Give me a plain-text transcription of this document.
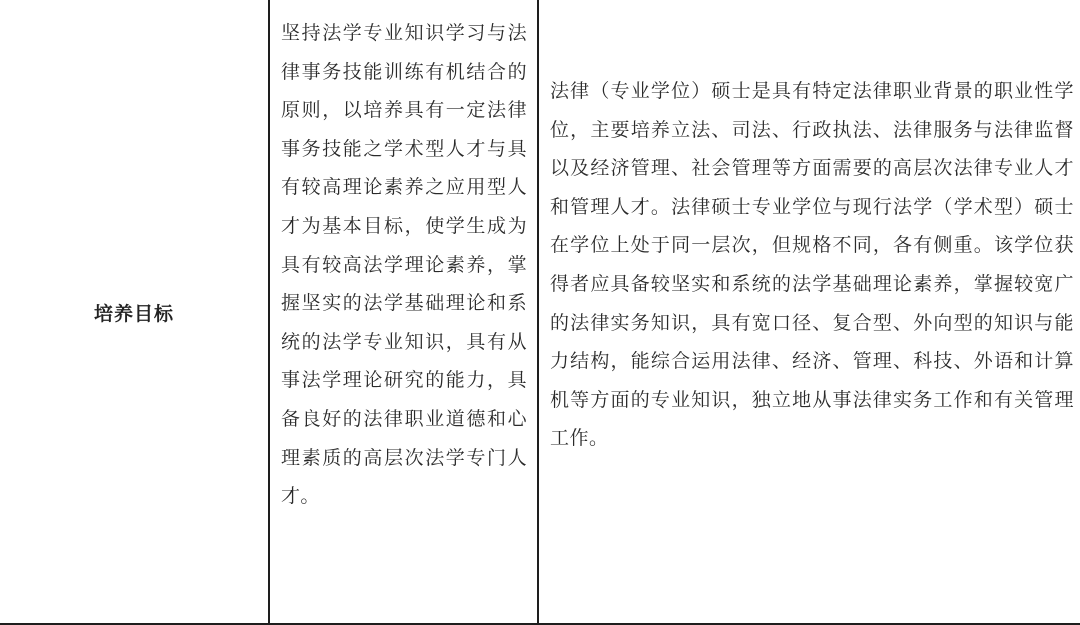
培养目标

坚持法学专业知识学习与法律事务技能训练有机结合的原则，以培养具有一定法律事务技能之学术型人才与具有较高理论素养之应用型人才为基本目标，使学生成为具有较高法学理论素养，掌握坚实的法学基础理论和系统的法学专业知识，具有从事法学理论研究的能力，具备良好的法律职业道德和心理素质的高层次法学专门人才。

法律（专业学位）硕士是具有特定法律职业背景的职业性学位，主要培养立法、司法、行政执法、法律服务与法律监督以及经济管理、社会管理等方面需要的高层次法律专业人才和管理人才。法律硕士专业学位与现行法学（学术型）硕士在学位上处于同一层次，但规格不同，各有侧重。该学位获得者应具备较坚实和系统的法学基础理论素养，掌握较宽广的法律实务知识，具有宽口径、复合型、外向型的知识与能力结构，能综合运用法律、经济、管理、科技、外语和计算机等方面的专业知识，独立地从事法律实务工作和有关管理工作。
